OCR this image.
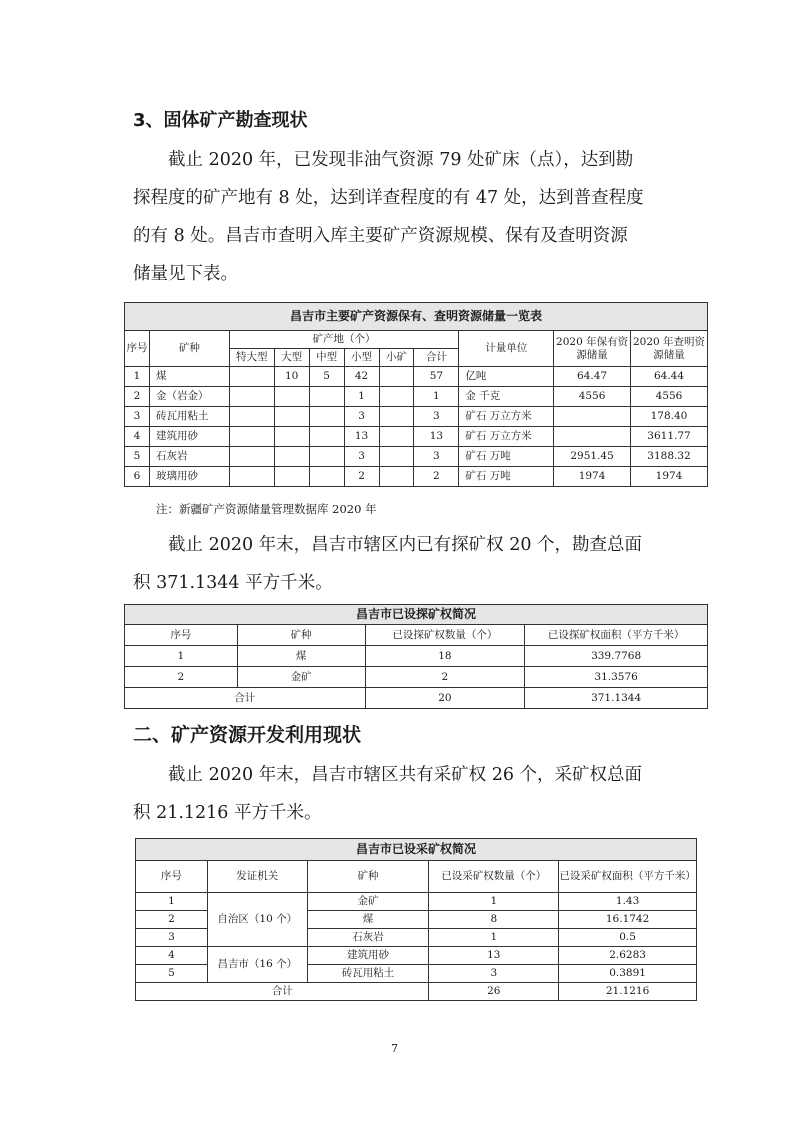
3、固体矿产勘查现状

截止 2020 年，已发现非油气资源 79 处矿床（点），达到勘

探程度的矿产地有 8 处，达到详查程度的有 47 处，达到普查程度

的有 8 处。昌吉市查明入库主要矿产资源规模、保有及查明资源

储量见下表。

昌吉市主要矿产资源保有、查明资源储量一览表										
序号	矿种	矿产地（个）						计量单位	2020 年保有资源储量	2020 年查明资源储量
		特大型	大型	中型	小型	小矿	合计			
1	煤		10	5	42		57	亿吨	64.47	64.44
2	金（岩金）				1		1	金 千克	4556	4556
3	砖瓦用粘土				3		3	矿石 万立方米		178.40
4	建筑用砂				13		13	矿石 万立方米		3611.77
5	石灰岩				3		3	矿石 万吨	2951.45	3188.32
6	玻璃用砂				2		2	矿石 万吨	1974	1974
注：新疆矿产资源储量管理数据库 2020 年

截止 2020 年末，昌吉市辖区内已有探矿权 20 个，勘查总面

积 371.1344 平方千米。

昌吉市已设探矿权简况			
序号	矿种	已设探矿权数量（个）	已设探矿权面积（平方千米）
1	煤	18	339.7768
2	金矿	2	31.3576
合计		20	371.1344
二、矿产资源开发利用现状

截止 2020 年末，昌吉市辖区共有采矿权 26 个，采矿权总面

积 21.1216 平方千米。

昌吉市已设采矿权简况				
序号	发证机关	矿种	已设采矿权数量（个）	已设采矿权面积（平方千米）
1	自治区（10 个）	金矿	1	1.43
2		煤	8	16.1742
3		石灰岩	1	0.5
4	昌吉市（16 个）	建筑用砂	13	2.6283
5		砖瓦用粘土	3	0.3891
合计			26	21.1216
7
